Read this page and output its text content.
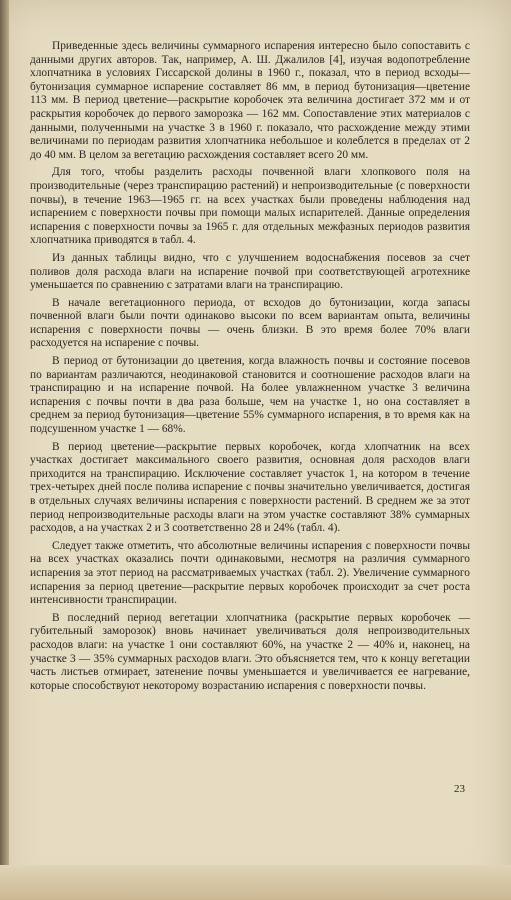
Приведенные здесь величины суммарного испарения интересно было сопоставить с данными других авторов. Так, например, А. Ш. Джалилов [4], изучая водопотребление хлопчатника в условиях Гиссарской долины в 1960 г., показал, что в период всходы—бутонизация суммарное испарение составляет 86 мм, в период бутонизация—цветение 113 мм. В период цветение—раскрытие коробочек эта величина достигает 372 мм и от раскрытия коробочек до первого заморозка — 162 мм. Сопоставление этих материалов с данными, полученными на участке 3 в 1960 г. показало, что расхождение между этими величинами по периодам развития хлопчатника небольшое и колеблется в пределах от 2 до 40 мм. В целом за вегетацию расхождения составляет всего 20 мм.

Для того, чтобы разделить расходы почвенной влаги хлопкового поля на производительные (через транспирацию растений) и непроизводительные (с поверхности почвы), в течение 1963—1965 гг. на всех участках были проведены наблюдения над испарением с поверхности почвы при помощи малых испарителей. Данные определения испарения с поверхности почвы за 1965 г. для отдельных межфазных периодов развития хлопчатника приводятся в табл. 4.

Из данных таблицы видно, что с улучшением водоснабжения посевов за счет поливов доля расхода влаги на испарение почвой при соответствующей агротехнике уменьшается по сравнению с затратами влаги на транспирацию.

В начале вегетационного периода, от всходов до бутонизации, когда запасы почвенной влаги были почти одинаково высоки по всем вариантам опыта, величины испарения с поверхности почвы — очень близки. В это время более 70% влаги расходуется на испарение с почвы.

В период от бутонизации до цветения, когда влажность почвы и состояние посевов по вариантам различаются, неодинаковой становится и соотношение расходов влаги на транспирацию и на испарение почвой. На более увлажненном участке 3 величина испарения с почвы почти в два раза больше, чем на участке 1, но она составляет в среднем за период бутонизация—цветение 55% суммарного испарения, в то время как на подсушенном участке 1 — 68%.

В период цветение—раскрытие первых коробочек, когда хлопчатник на всех участках достигает максимального своего развития, основная доля расходов влаги приходится на транспирацию. Исключение составляет участок 1, на котором в течение трех-четырех дней после полива испарение с почвы значительно увеличивается, достигая в отдельных случаях величины испарения с поверхности растений. В среднем же за этот период непроизводительные расходы влаги на этом участке составляют 38% суммарных расходов, а на участках 2 и 3 соответственно 28 и 24% (табл. 4).

Следует также отметить, что абсолютные величины испарения с поверхности почвы на всех участках оказались почти одинаковыми, несмотря на различия суммарного испарения за этот период на рассматриваемых участках (табл. 2). Увеличение суммарного испарения за период цветение—раскрытие первых коробочек происходит за счет роста интенсивности транспирации.

В последний период вегетации хлопчатника (раскрытие первых коробочек — губительный заморозок) вновь начинает увеличиваться доля непроизводительных расходов влаги: на участке 1 они составляют 60%, на участке 2 — 40% и, наконец, на участке 3 — 35% суммарных расходов влаги. Это объясняется тем, что к концу вегетации часть листьев отмирает, затенение почвы уменьшается и увеличивается ее нагревание, которые способствуют некоторому возрастанию испарения с поверхности почвы.

23
